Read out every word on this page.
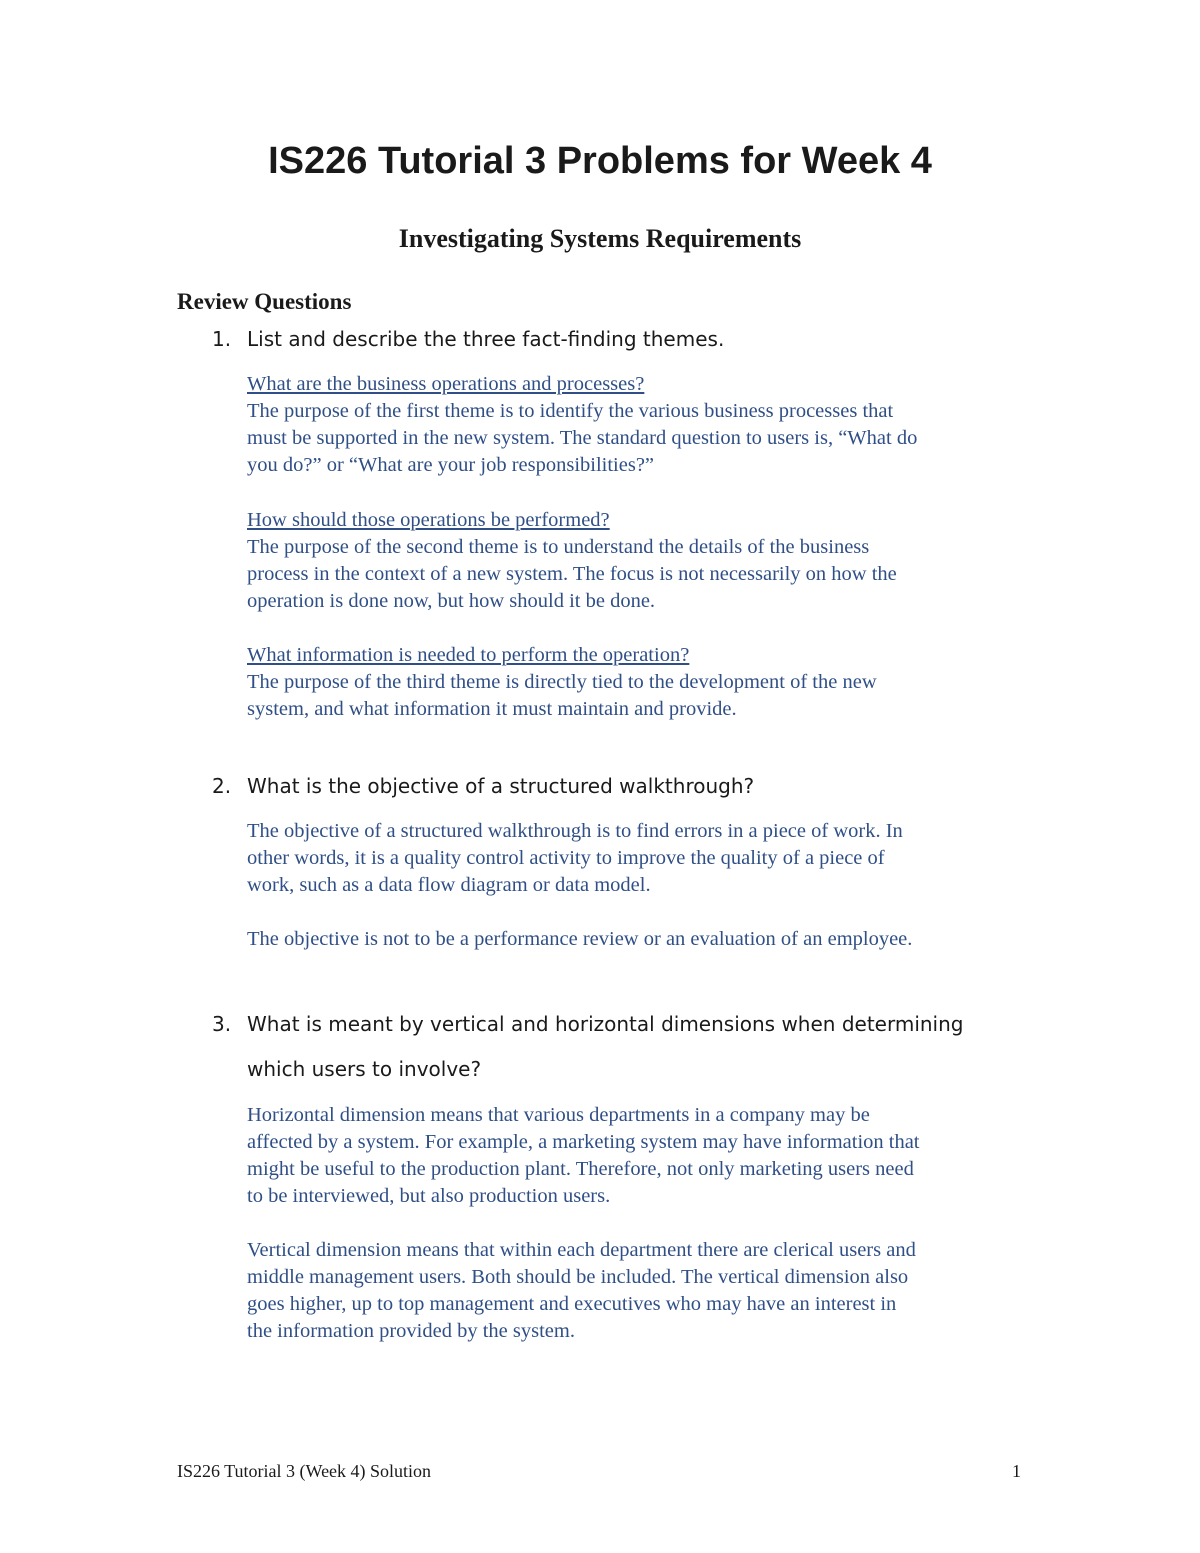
IS226 Tutorial 3 Problems for Week 4
Investigating Systems Requirements
Review Questions
1. List and describe the three fact-finding themes.
What are the business operations and processes?
The purpose of the first theme is to identify the various business processes that
must be supported in the new system. The standard question to users is, “What do
you do?” or “What are your job responsibilities?”
How should those operations be performed?
The purpose of the second theme is to understand the details of the business
process in the context of a new system. The focus is not necessarily on how the
operation is done now, but how should it be done.
What information is needed to perform the operation?
The purpose of the third theme is directly tied to the development of the new
system, and what information it must maintain and provide.
2. What is the objective of a structured walkthrough?
The objective of a structured walkthrough is to find errors in a piece of work. In
other words, it is a quality control activity to improve the quality of a piece of
work, such as a data flow diagram or data model.
The objective is not to be a performance review or an evaluation of an employee.
3. What is meant by vertical and horizontal dimensions when determining
which users to involve?
Horizontal dimension means that various departments in a company may be
affected by a system. For example, a marketing system may have information that
might be useful to the production plant. Therefore, not only marketing users need
to be interviewed, but also production users.
Vertical dimension means that within each department there are clerical users and
middle management users. Both should be included. The vertical dimension also
goes higher, up to top management and executives who may have an interest in
the information provided by the system.
IS226 Tutorial 3 (Week 4) Solution	1
